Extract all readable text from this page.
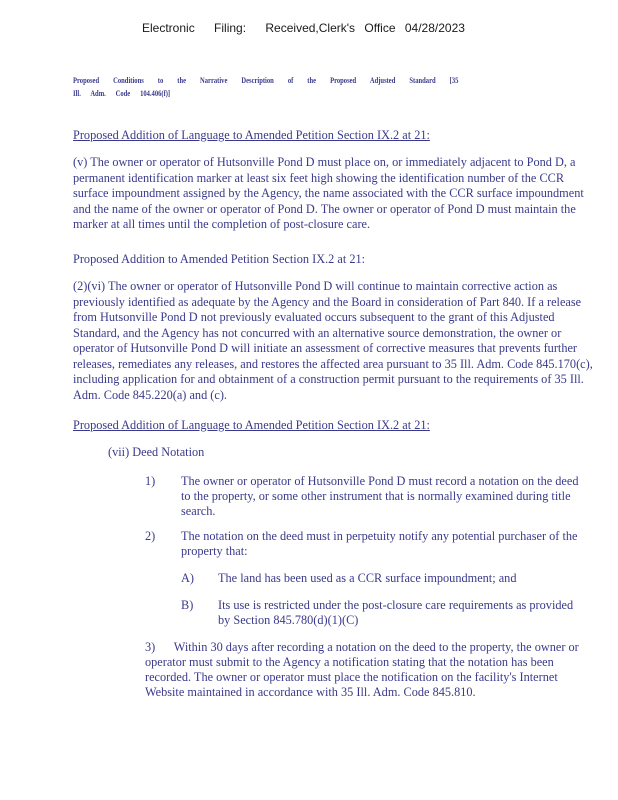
Electronic Filing: Received,Clerk's Office 04/28/2023
Proposed Conditions to the Narrative Description of the Proposed Adjusted Standard [35
Ill. Adm. Code 104.406(f)]
Proposed Addition of Language to Amended Petition Section IX.2 at 21:
(v) The owner or operator of Hutsonville Pond D must place on, or immediately adjacent to Pond D, a permanent identification marker at least six feet high showing the identification number of the CCR surface impoundment assigned by the Agency, the name associated with the CCR surface impoundment and the name of the owner or operator of Pond D. The owner or operator of Pond D must maintain the marker at all times until the completion of post-closure care.
Proposed Addition to Amended Petition Section IX.2 at 21:
(2)(vi) The owner or operator of Hutsonville Pond D will continue to maintain corrective action as previously identified as adequate by the Agency and the Board in consideration of Part 840. If a release from Hutsonville Pond D not previously evaluated occurs subsequent to the grant of this Adjusted Standard, and the Agency has not concurred with an alternative source demonstration, the owner or operator of Hutsonville Pond D will initiate an assessment of corrective measures that prevents further releases, remediates any releases, and restores the affected area pursuant to 35 Ill. Adm. Code 845.170(c), including application for and obtainment of a construction permit pursuant to the requirements of 35 Ill. Adm. Code 845.220(a) and (c).
Proposed Addition of Language to Amended Petition Section IX.2 at 21:
(vii) Deed Notation
1) The owner or operator of Hutsonville Pond D must record a notation on the deed to the property, or some other instrument that is normally examined during title search.
2) The notation on the deed must in perpetuity notify any potential purchaser of the property that:
A) The land has been used as a CCR surface impoundment; and
B) Its use is restricted under the post-closure care requirements as provided by Section 845.780(d)(1)(C)
3) Within 30 days after recording a notation on the deed to the property, the owner or operator must submit to the Agency a notification stating that the notation has been recorded. The owner or operator must place the notification on the facility's Internet Website maintained in accordance with 35 Ill. Adm. Code 845.810.
